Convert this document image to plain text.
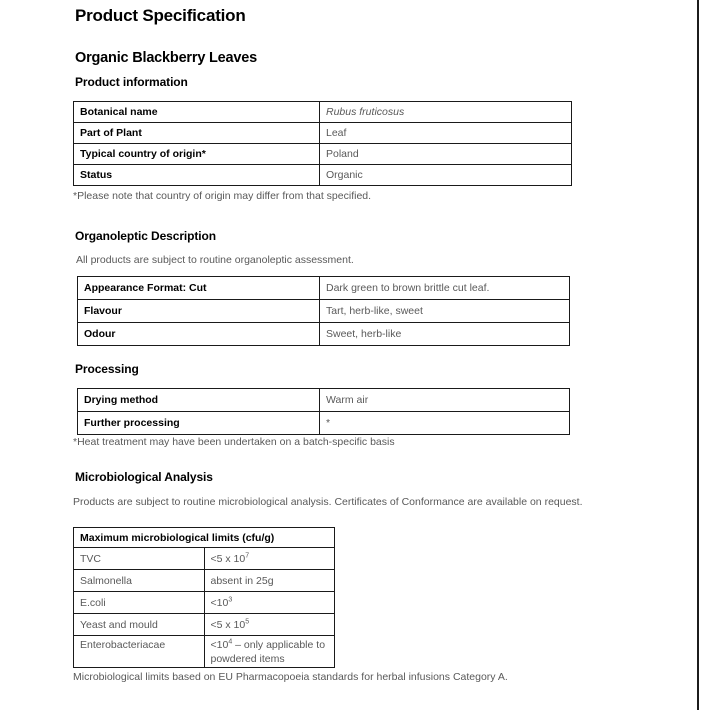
Product Specification
Organic Blackberry Leaves
Product information
Botanical name	Rubus fruticosus
Part of Plant	Leaf
Typical country of origin*	Poland
Status	Organic
*Please note that country of origin may differ from that specified.
Organoleptic Description
All products are subject to routine organoleptic assessment.
Appearance Format: Cut	Dark green to brown brittle cut leaf.
Flavour	Tart, herb-like, sweet
Odour	Sweet, herb-like
Processing
Drying method	Warm air
Further processing	*
*Heat treatment may have been undertaken on a batch-specific basis
Microbiological Analysis
Products are subject to routine microbiological analysis. Certificates of Conformance are available on request.
Maximum microbiological limits (cfu/g)	
TVC	<5 x $10^7$
Salmonella	absent in 25g
E.coli	$<10^3$
Yeast and mould	<5 x $10^5$
Enterobacteriacae	$<10^4$ – only applicable to powdered items
Microbiological limits based on EU Pharmacopoeia standards for herbal infusions Category A.
